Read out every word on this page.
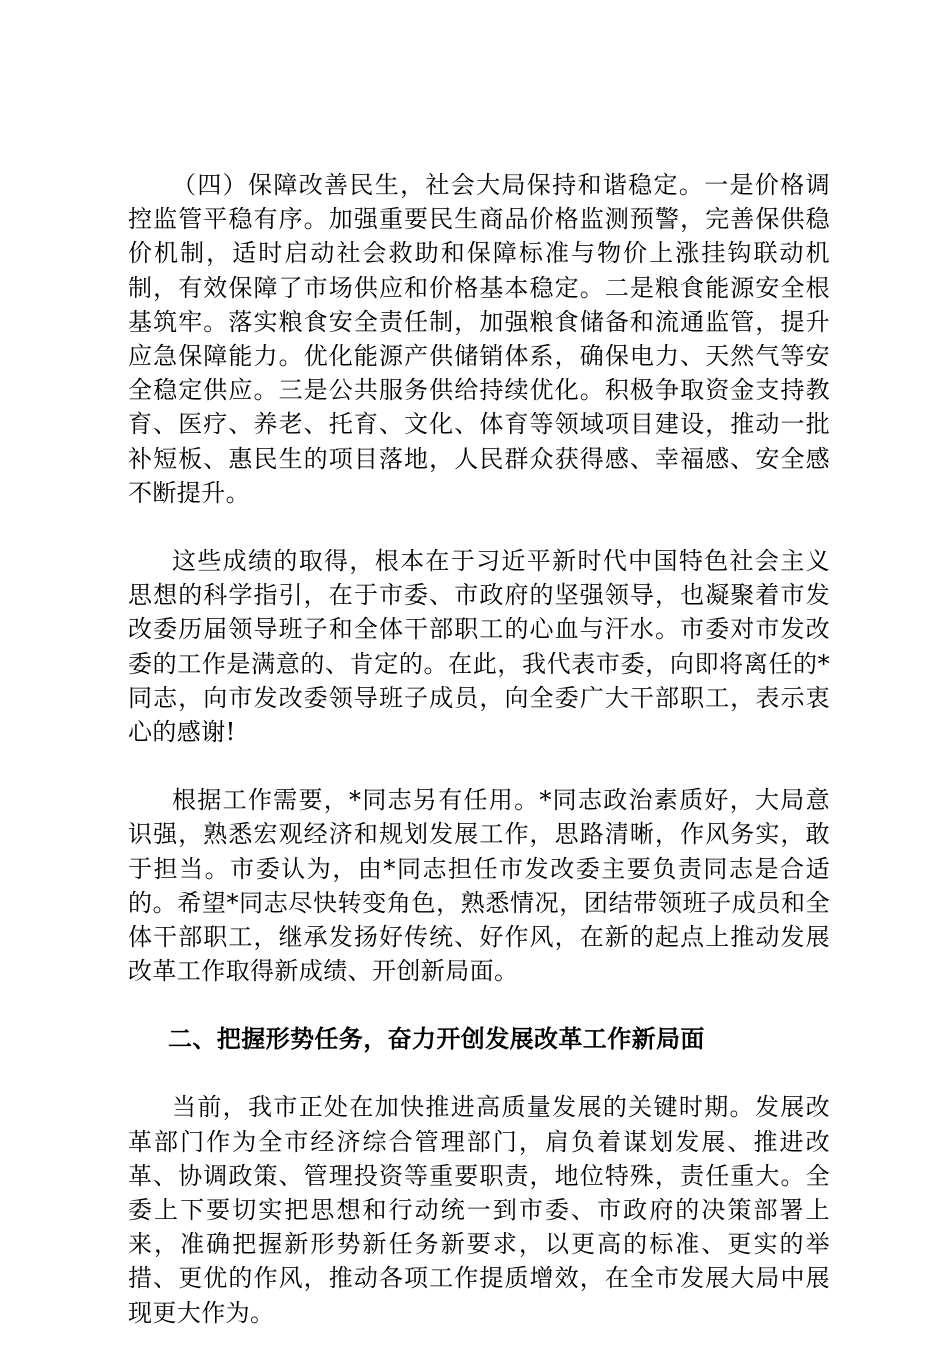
（四）保障改善民生，社会大局保持和谐稳定。一是价格调控监管平稳有序。加强重要民生商品价格监测预警，完善保供稳价机制，适时启动社会救助和保障标准与物价上涨挂钩联动机制，有效保障了市场供应和价格基本稳定。二是粮食能源安全根基筑牢。落实粮食安全责任制，加强粮食储备和流通监管，提升应急保障能力。优化能源产供储销体系，确保电力、天然气等安全稳定供应。三是公共服务供给持续优化。积极争取资金支持教育、医疗、养老、托育、文化、体育等领域项目建设，推动一批补短板、惠民生的项目落地，人民群众获得感、幸福感、安全感不断提升。

这些成绩的取得，根本在于习近平新时代中国特色社会主义思想的科学指引，在于市委、市政府的坚强领导，也凝聚着市发改委历届领导班子和全体干部职工的心血与汗水。市委对市发改委的工作是满意的、肯定的。在此，我代表市委，向即将离任的*同志，向市发改委领导班子成员，向全委广大干部职工，表示衷心的感谢!

根据工作需要，*同志另有任用。*同志政治素质好，大局意识强，熟悉宏观经济和规划发展工作，思路清晰，作风务实，敢于担当。市委认为，由*同志担任市发改委主要负责同志是合适的。希望*同志尽快转变角色，熟悉情况，团结带领班子成员和全体干部职工，继承发扬好传统、好作风，在新的起点上推动发展改革工作取得新成绩、开创新局面。

二、把握形势任务，奋力开创发展改革工作新局面

当前，我市正处在加快推进高质量发展的关键时期。发展改革部门作为全市经济综合管理部门，肩负着谋划发展、推进改革、协调政策、管理投资等重要职责，地位特殊，责任重大。全委上下要切实把思想和行动统一到市委、市政府的决策部署上来，准确把握新形势新任务新要求，以更高的标准、更实的举措、更优的作风，推动各项工作提质增效，在全市发展大局中展现更大作为。
